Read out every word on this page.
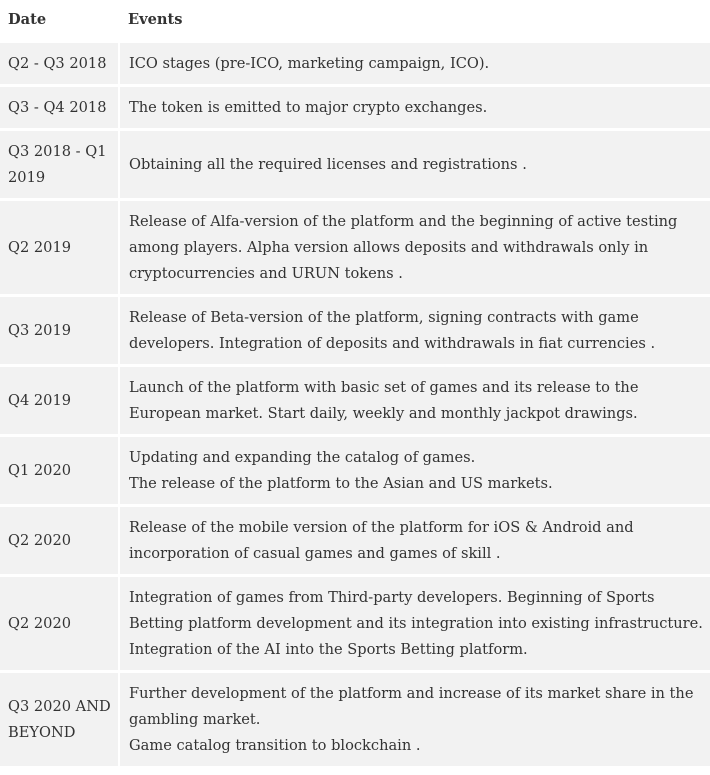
Date	Events
Q2 - Q3 2018	ICO stages (pre-ICO, marketing campaign, ICO).

Q3 - Q4 2018	The token is emitted to major crypto exchanges.

Q3 2018 - Q1 2019	Obtaining all the required licenses and registrations .

Q2 2019	Release of Alfa-version of the platform and the beginning of active testing among players. Alpha version allows deposits and withdrawals only in cryptocurrencies and URUN tokens .

Q3 2019	Release of Beta-version of the platform, signing contracts with game developers. Integration of deposits and withdrawals in fiat currencies .

Q4 2019	Launch of the platform with basic set of games and its release to the European market. Start daily, weekly and monthly jackpot drawings.

Q1 2020	Updating and expanding the catalog of games.
The release of the platform to the Asian and US markets.

Q2 2020	Release of the mobile version of the platform for iOS & Android and incorporation of casual games and games of skill .

Q2 2020	Integration of games from Third-party developers. Beginning of Sports Betting platform development and its integration into existing infrastructure. Integration of the AI into the Sports Betting platform.

Q3 2020 AND BEYOND	Further development of the platform and increase of its market share in the gambling market.
Game catalog transition to blockchain .
